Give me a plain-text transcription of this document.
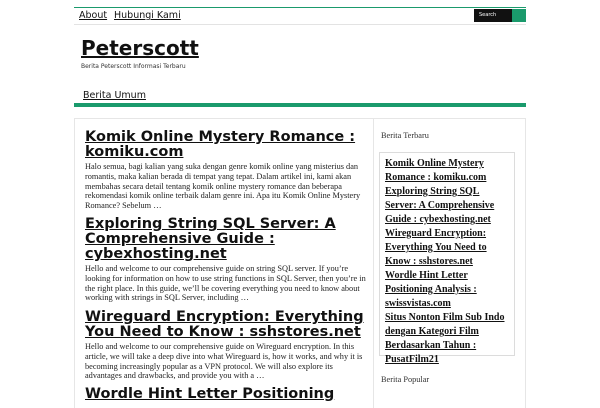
About Hubungi Kami	Search
Peterscott
Berita Peterscott Informasi Terbaru
Berita Umum
Komik Online Mystery Romance : komiku.com
Halo semua, bagi kalian yang suka dengan genre komik online yang misterius dan romantis, maka kalian berada di tempat yang tepat. Dalam artikel ini, kami akan membahas secara detail tentang komik online mystery romance dan beberapa rekomendasi komik online terbaik dalam genre ini. Apa itu Komik Online Mystery Romance? Sebelum …
Exploring String SQL Server: A Comprehensive Guide : cybexhosting.net
Hello and welcome to our comprehensive guide on string SQL server. If you’re looking for information on how to use string functions in SQL Server, then you’re in the right place. In this guide, we’ll be covering everything you need to know about working with strings in SQL Server, including …
Wireguard Encryption: Everything You Need to Know : sshstores.net
Hello and welcome to our comprehensive guide on Wireguard encryption. In this article, we will take a deep dive into what Wireguard is, how it works, and why it is becoming increasingly popular as a VPN protocol. We will also explore its advantages and drawbacks, and provide you with a …
Wordle Hint Letter Positioning
Berita Terbaru
Komik Online Mystery Romance : komiku.com
Exploring String SQL Server: A Comprehensive Guide : cybexhosting.net
Wireguard Encryption: Everything You Need to Know : sshstores.net
Wordle Hint Letter Positioning Analysis : swissvistas.com
Situs Nonton Film Sub Indo dengan Kategori Film Berdasarkan Tahun : PusatFilm21
Berita Popular
